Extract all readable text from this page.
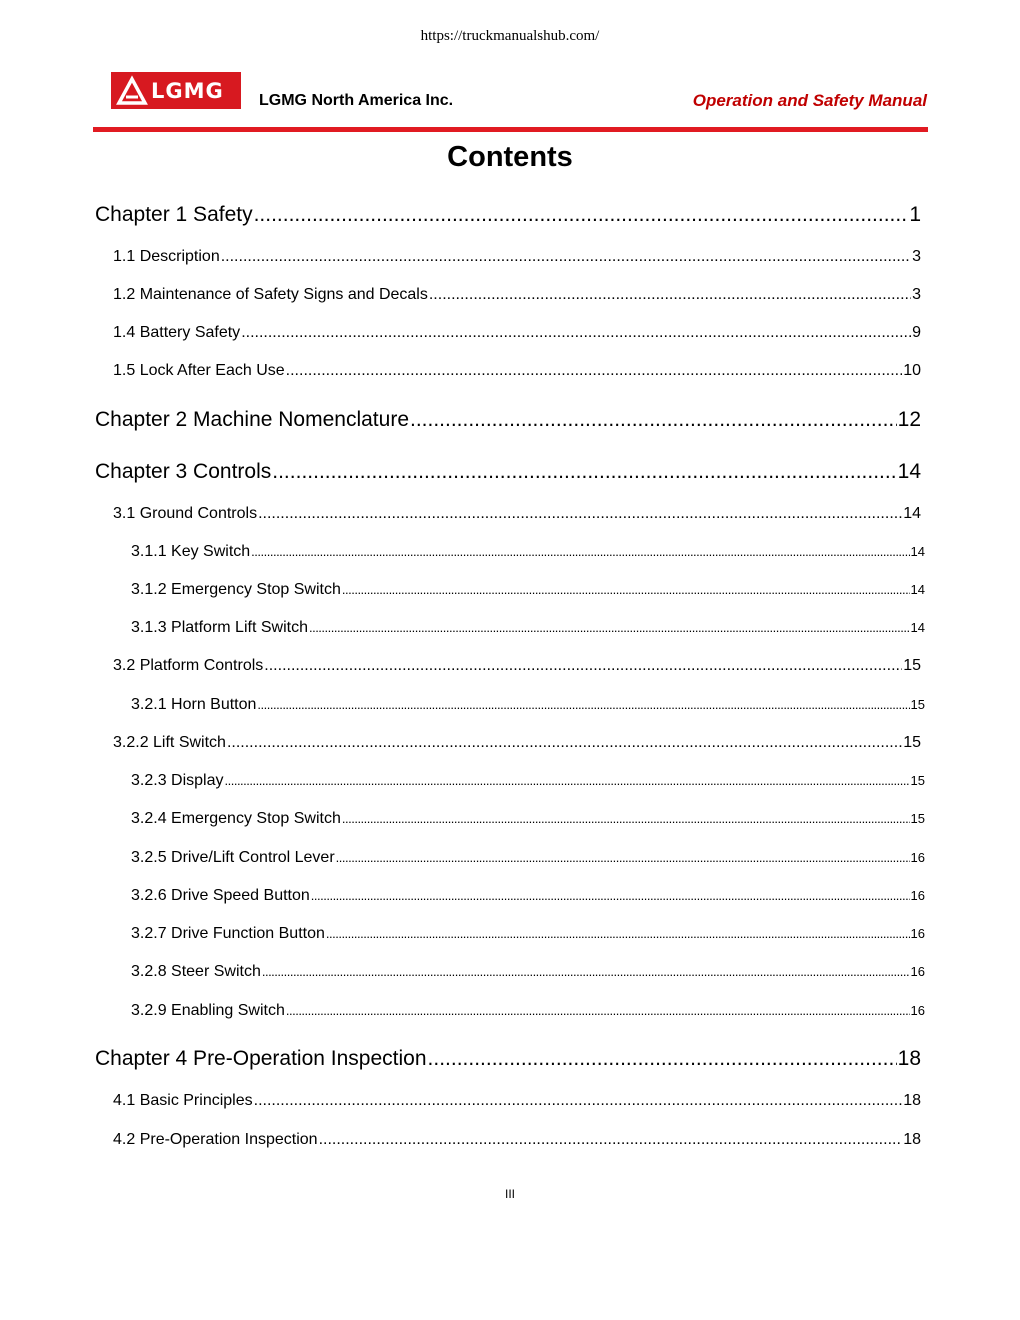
https://truckmanualshub.com/
LGMG LGMG North America Inc.	Operation and Safety Manual
Contents
Chapter 1 Safety .....	1
1.1 Description .....	3
1.2 Maintenance of Safety Signs and Decals .....	3
1.4 Battery Safety .....	9
1.5 Lock After Each Use .....	10
Chapter 2 Machine Nomenclature .....	12
Chapter 3 Controls .....	14
3.1 Ground Controls .....	14
3.1.1 Key Switch .....	14
3.1.2 Emergency Stop Switch .....	14
3.1.3 Platform Lift Switch .....	14
3.2 Platform Controls .....	15
3.2.1 Horn Button .....	15
3.2.2 Lift Switch .....	15
3.2.3 Display .....	15
3.2.4 Emergency Stop Switch .....	15
3.2.5 Drive/Lift Control Lever .....	16
3.2.6 Drive Speed Button .....	16
3.2.7 Drive Function Button .....	16
3.2.8 Steer Switch .....	16
3.2.9 Enabling Switch .....	16
Chapter 4 Pre-Operation Inspection .....	18
4.1 Basic Principles .....	18
4.2 Pre-Operation Inspection .....	18
III
